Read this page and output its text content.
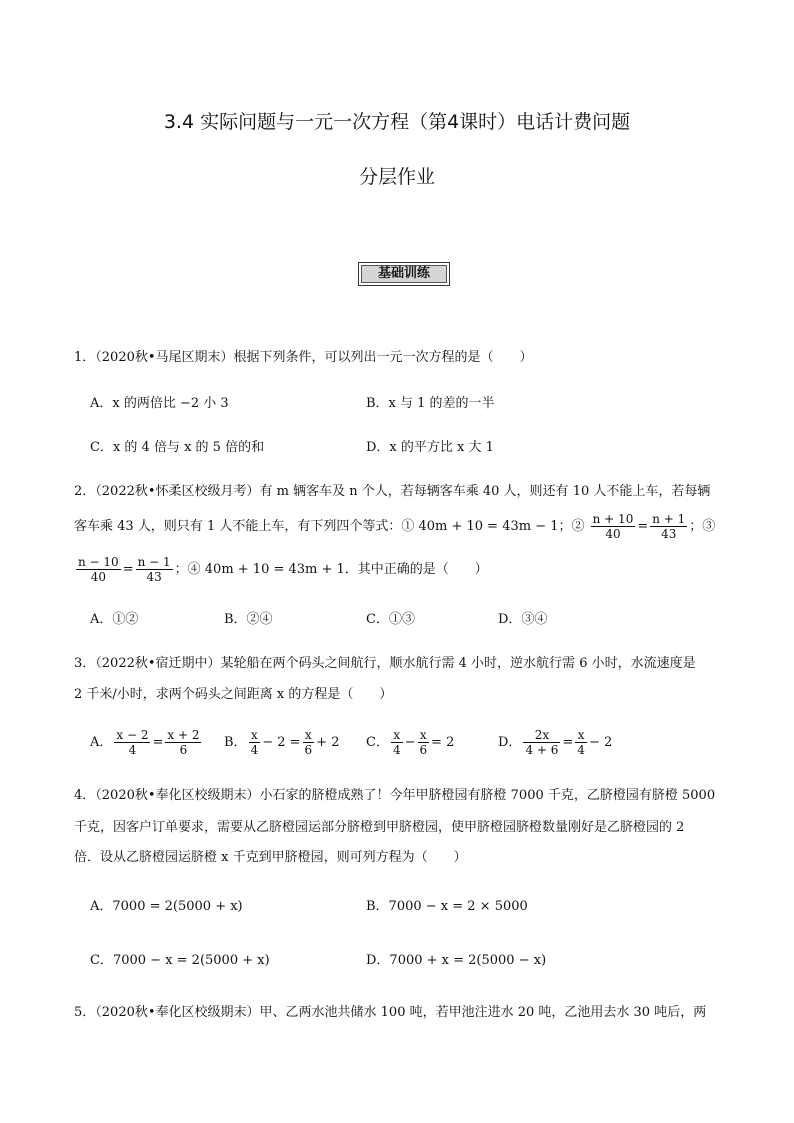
3.4 实际问题与一元一次方程（第4课时）电话计费问题
分层作业
基础训练
1．（2020秋•马尾区期末）根据下列条件，可以列出一元一次方程的是（　　）
A．x 的两倍比 −2 小 3	B．x 与 1 的差的一半
C．x 的 4 倍与 x 的 5 倍的和	D．x 的平方比 x 大 1
2．（2022秋•怀柔区校级月考）有 m 辆客车及 n 个人，若每辆客车乘 40 人，则还有 10 人不能上车，若每辆
客车乘 43 人，则只有 1 人不能上车，有下列四个等式：① 40m + 10 = 43m − 1；② $\frac{n + 10}{40} = \frac{n + 1}{43}$ ；③
$\frac{n - 10}{40} = \frac{n - 1}{43}$ ；④ 40m + 10 = 43m + 1．其中正确的是（　　）
A．①②	B．②④	C．①③	D．③④
3．（2022秋•宿迁期中）某轮船在两个码头之间航行，顺水航行需 4 小时，逆水航行需 6 小时，水流速度是
2 千米/小时，求两个码头之间距离 x 的方程是（　　）
A． $\frac{x - 2}{4} = \frac{x + 2}{6}$ B． $\frac{x}{4} - 2 = \frac{x}{6} + 2$ C． $\frac{x}{4} - \frac{x}{6} = 2$	D． $\frac{2x}{4 + 6} = \frac{x}{4} - 2$
4．（2020秋•奉化区校级期末）小石家的脐橙成熟了！今年甲脐橙园有脐橙 7000 千克，乙脐橙园有脐橙 5000
千克，因客户订单要求，需要从乙脐橙园运部分脐橙到甲脐橙园，使甲脐橙园脐橙数量刚好是乙脐橙园的 2
倍．设从乙脐橙园运脐橙 x 千克到甲脐橙园，则可列方程为（　　）
A．7000 = 2(5000 + x)	B．7000 − x = 2 × 5000
C．7000 − x = 2(5000 + x)	D．7000 + x = 2(5000 − x)
5．（2020秋•奉化区校级期末）甲、乙两水池共储水 100 吨，若甲池注进水 20 吨，乙池用去水 30 吨后，两
